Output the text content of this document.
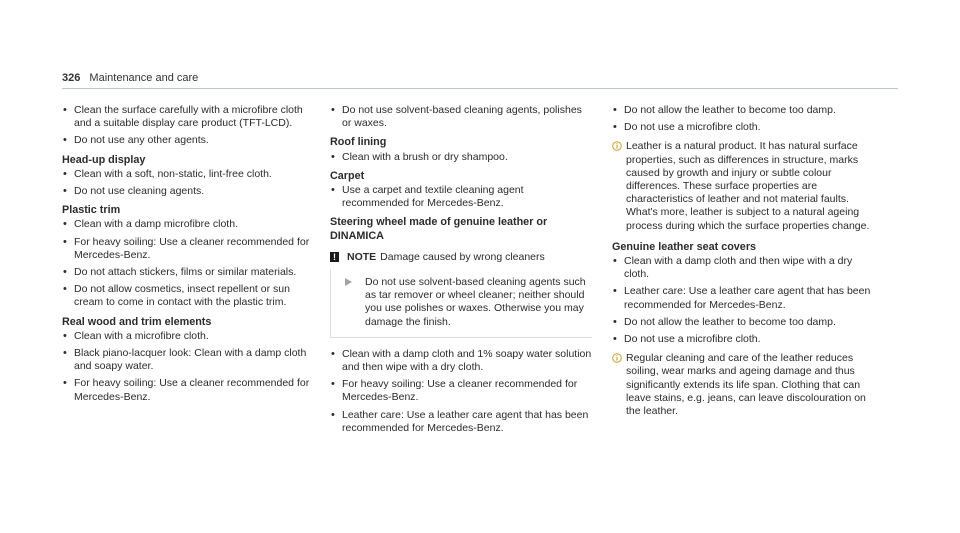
326 Maintenance and care
• Clean the surface carefully with a microfibre cloth and a suitable display care product (TFT-LCD).
• Do not use any other agents.
Head-up display
• Clean with a soft, non-static, lint-free cloth.
• Do not use cleaning agents.
Plastic trim
• Clean with a damp microfibre cloth.
• For heavy soiling: Use a cleaner recommended for Mercedes-Benz.
• Do not attach stickers, films or similar materials.
• Do not allow cosmetics, insect repellent or sun cream to come in contact with the plastic trim.
Real wood and trim elements
• Clean with a microfibre cloth.
• Black piano-lacquer look: Clean with a damp cloth and soapy water.
• For heavy soiling: Use a cleaner recommended for Mercedes-Benz.
• Do not use solvent-based cleaning agents, polishes or waxes.
Roof lining
• Clean with a brush or dry shampoo.
Carpet
• Use a carpet and textile cleaning agent recommended for Mercedes-Benz.
Steering wheel made of genuine leather or DINAMICA
! NOTE Damage caused by wrong cleaners
Do not use solvent-based cleaning agents such as tar remover or wheel cleaner; neither should you use polishes or waxes. Otherwise you may damage the finish.
• Clean with a damp cloth and 1% soapy water solution and then wipe with a dry cloth.
• For heavy soiling: Use a cleaner recommended for Mercedes-Benz.
• Leather care: Use a leather care agent that has been recommended for Mercedes-Benz.
• Do not allow the leather to become too damp.
• Do not use a microfibre cloth.
Leather is a natural product. It has natural surface properties, such as differences in structure, marks caused by growth and injury or subtle colour differences. These surface properties are characteristics of leather and not material faults. What's more, leather is subject to a natural ageing process during which the surface properties change.
Genuine leather seat covers
• Clean with a damp cloth and then wipe with a dry cloth.
• Leather care: Use a leather care agent that has been recommended for Mercedes-Benz.
• Do not allow the leather to become too damp.
• Do not use a microfibre cloth.
Regular cleaning and care of the leather reduces soiling, wear marks and ageing damage and thus significantly extends its life span. Clothing that can leave stains, e.g. jeans, can leave discolouration on the leather.
